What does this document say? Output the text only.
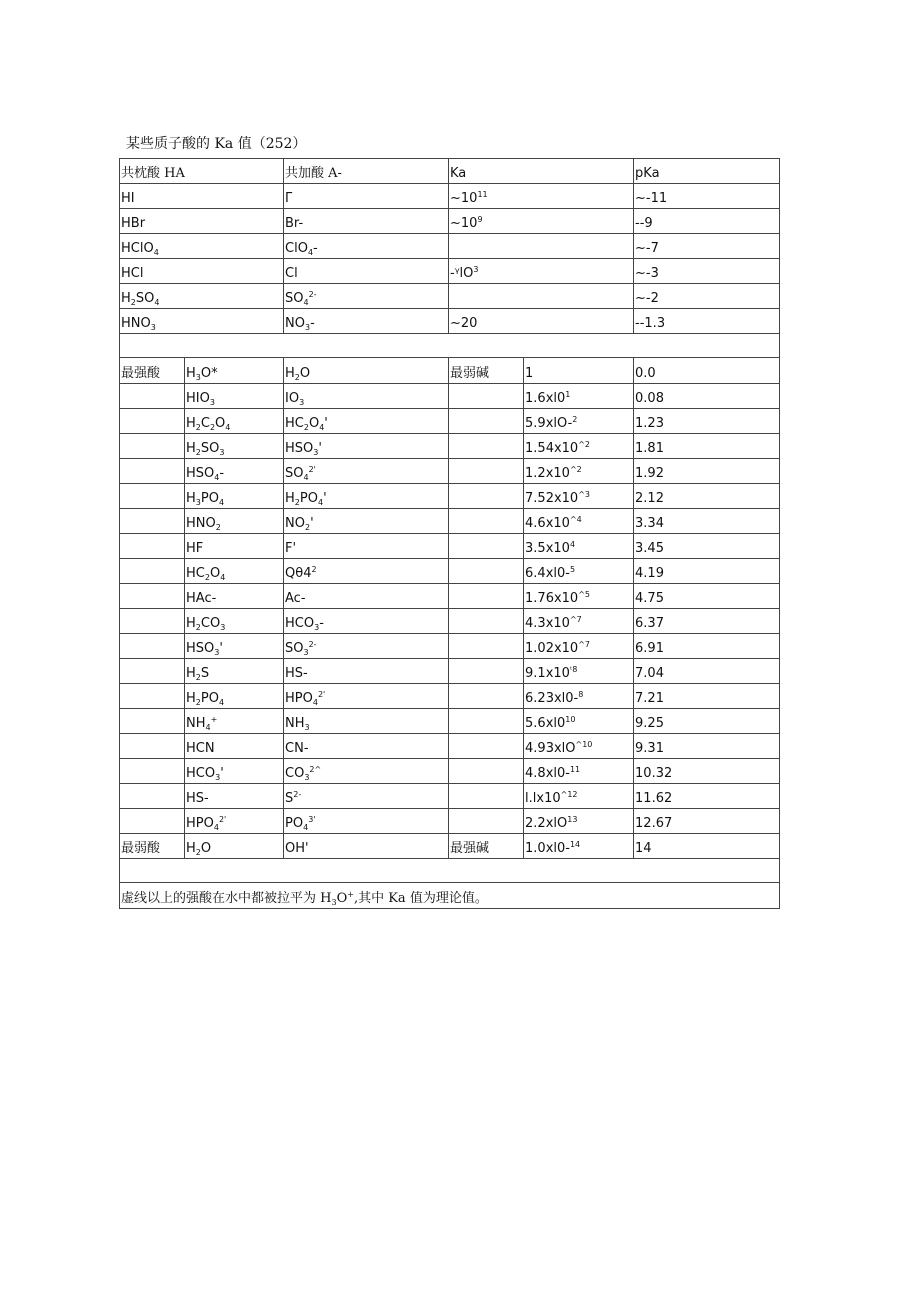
某些质子酸的 Ka 值（252）
共枕酸 HA		共加酸 A-	Ka		pKa
HI		Γ	$\sim 10^{11}$		~-11
HBr		Br-	$\sim 10^9$		--9
HClO$_4$		ClO$_4$-			~-7
HCl		Cl	-ᵞlO$^3$		~-3
$H_2SO_4$		$SO_4^{2-}$			~-2
$HNO_3$		$NO_3-$	~20		--1.3

最强酸	$H_3O*$	$H_2O$	最弱碱	1	0.0
	$HIO_3$	$IO_3$		$1.6xl0^1$	0.08
	$H_2C_2O_4$	$HC_2O_4'$		5.9xlO-$^2$	1.23
	$H_2SO_3$	$HSO_3'$		$1.54x10^{\^{}2}$	1.81
	$HSO_4-$	$SO_4^{2'}$		$1.2x10^{\^{}2}$	1.92
	$H_3PO_4$	$H_2PO_4'$		$7.52x10^{\^{}3}$	2.12
	$HNO_2$	$NO_2'$		$4.6x10^{\^{}4}$	3.34
	HF	F'		$3.5x10^4$	3.45
	$HC_2O_4$	$Q\theta 4^2$		6.4xl0-$^5$	4.19
	HAc-	Ac-		$1.76x10^{\^{}5}$	4.75
	$H_2CO_3$	$HCO_3-$		$4.3x10^{\^{}7}$	6.37
	$HSO_3'$	$SO_3^{2-}$		$1.02x10^{\^{}7}$	6.91
	$H_2S$	HS-		$9.1x10^{ᵗ8}$	7.04
	$H_2PO_4$	$HPO_4^{2'}$		6.23xl0-$^8$	7.21
	$NH_4^+$	$NH_3$		$5.6xl0^{10}$	9.25
	HCN	CN-		4.93xlO$^{\^{}10}$	9.31
	$HCO_3'$	$CO_3^{2\^{}}$		4.8xl0-$^{11}$	10.32
	HS-	$S^{2-}$		$l.lx10^{\^{}12}$	11.62
	$HPO_4^{2'}$	$PO_4^{3'}$		2.2xlO$^{13}$	12.67
最弱酸	$H_2O$	OH'	最强碱	1.0xl0-$^{14}$	14

虚线以上的强酸在水中都被拉平为 $H_3O^+$,其中 Ka 值为理论值。					
